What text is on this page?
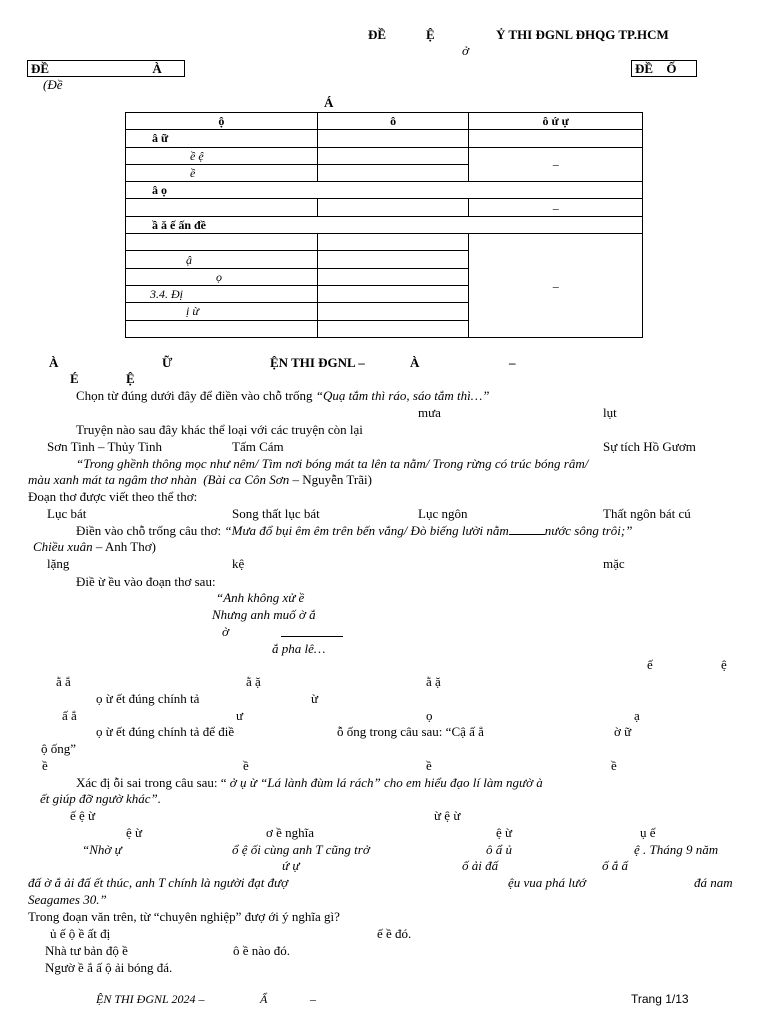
ĐỀ	Ệ	Ỷ THI ĐGNL ĐHQG TP.HCM
ở
ĐỀ	À	ĐỀ Ố
(Đề
Á
ộ	ô	ô ứ ự
â ữ		
ề ệ		–
ề		
â ọ		
		–
ầ ă ế ấn đề		
		–
ậ		
ọ		
3.4. Đị		
ị ừ		

À	Ữ	ỆN THI ĐGNL –	À	–
É	Ệ
Chọn từ đúng dưới đây để điền vào chỗ trống “Quạ tắm thì ráo, sáo tắm thì…”
mưa	lụt
Truyện nào sau đây khác thể loại với các truyện còn lại
Sơn Tinh – Thủy Tinh	Tấm Cám	Sự tích Hồ Gươm
“Trong ghềnh thông mọc như nêm/ Tìm nơi bóng mát ta lên ta nằm/ Trong rừng có trúc bóng râm/
màu xanh mát ta ngâm thơ nhàn (Bài ca Côn Sơn – Nguyễn Trãi)
Đoạn thơ được viết theo thể thơ:
Lục bát	Song thất lục bát	Lục ngôn	Thất ngôn bát cú
Điền vào chỗ trống câu thơ: “Mưa đổ bụi êm êm trên bến vắng/ Đò biếng lười nằm	nước sông trôi;”
Chiều xuân – Anh Thơ)
lặng	kệ	mặc
Điề ừ ều vào đoạn thơ sau:
“Anh không xử ề
Nhưng anh muố ờ ắ
ờ
ắ pha lê…
ế	ệ
ằ ắ	ằ ặ	ằ ặ
ọ ừ ết đúng chính tả	ừ
ấ ắ	ư	ọ	ạ
ọ ừ ết đúng chính tả để điề	ỗ ống trong câu sau: “Cậ ấ ẳ	ờ ữ
ộ ống”
ề	ề	ề	ề
Xác đị ỗi sai trong câu sau: “ ở ụ ừ “Lá lành đùm lá rách” cho em hiểu đạo lí làm ngườ à
ết giúp đỡ ngườ khác”.
ế ệ ừ	ừ ệ ừ
ệ ừ	ơ ề nghĩa	ệ ừ	ụ ế
“Nhờ ự	ổ ệ ối cùng anh T cũng trở	ô ẩ ủ	ệ . Tháng 9 năm
ứ ự	ố ải đấ	ố ắ ấ
đấ ờ ắ ải đấ ết thúc, anh T chính là người đạt đượ	ệu vua phá lướ	đá nam
Seagames 30.”
Trong đoạn văn trên, từ “chuyên nghiệp” đượ ới ý nghĩa gì?
ủ ế ộ ề ất đị	ế ề đó.
Nhà tư bản độ ề	ô ề nào đó.
Ngườ ề ắ ấ ộ ải bóng đá.
ỆN THI ĐGNL 2024 –	Ẩ	–	Trang 1/13
